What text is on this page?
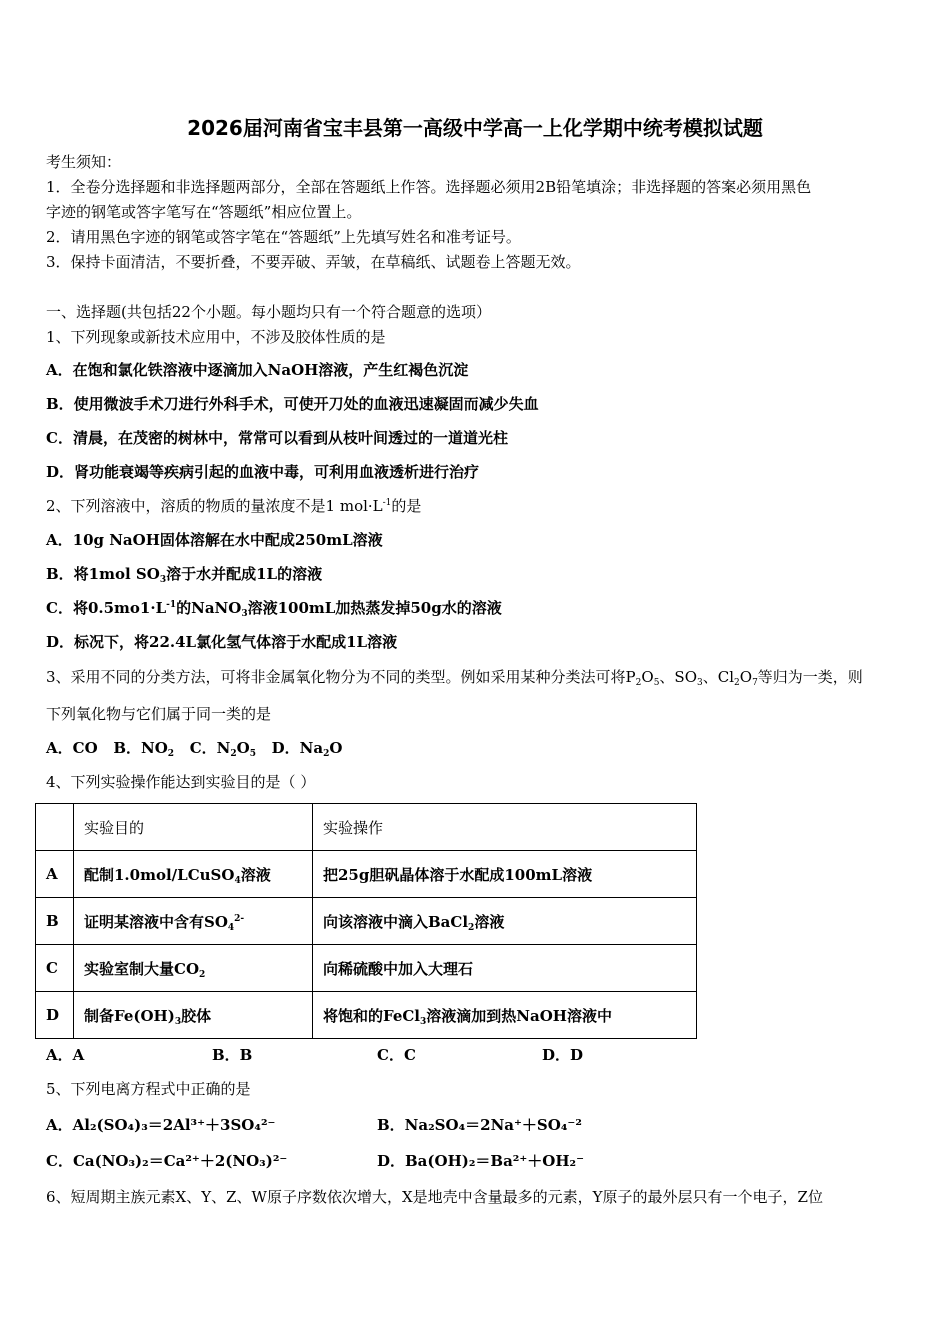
2026届河南省宝丰县第一高级中学高一上化学期中统考模拟试题
考生须知：
1．全卷分选择题和非选择题两部分，全部在答题纸上作答。选择题必须用2B铅笔填涂；非选择题的答案必须用黑色
字迹的钢笔或答字笔写在“答题纸”相应位置上。
2．请用黑色字迹的钢笔或答字笔在“答题纸”上先填写姓名和准考证号。
3．保持卡面清洁，不要折叠，不要弄破、弄皱，在草稿纸、试题卷上答题无效。
一、选择题(共包括22个小题。每小题均只有一个符合题意的选项）
1、下列现象或新技术应用中，不涉及胶体性质的是
A．在饱和氯化铁溶液中逐滴加入NaOH溶液，产生红褐色沉淀
B．使用微波手术刀进行外科手术，可使开刀处的血液迅速凝固而减少失血
C．清晨，在茂密的树林中，常常可以看到从枝叶间透过的一道道光柱
D．肾功能衰竭等疾病引起的血液中毒，可利用血液透析进行治疗
2、下列溶液中，溶质的物质的量浓度不是1 $mol\cdot L^{-1}$的是
A．10g NaOH固体溶解在水中配成250mL溶液
B．将1mol $SO_3$溶于水并配成1L的溶液
C．将$0.5mo1\cdot L^{-1}$的NaNO$_3$溶液100mL加热蒸发掉50g水的溶液
D．标况下，将22.4L氯化氢气体溶于水配成1L溶液
3、采用不同的分类方法，可将非金属氧化物分为不同的类型。例如采用某种分类法可将$P_2O_5$、$SO_3$、$Cl_2O_7$等归为一类，则
下列氧化物与它们属于同一类的是
A．CO B．$NO_2$ C．$N_2O_5$ D．$Na_2O$
4、下列实验操作能达到实验目的是（ ）
	实验目的	实验操作
A	配制1.0mol/LCuSO$_4$溶液	把25g胆矾晶体溶于水配成100mL溶液
B	证明某溶液中含有$SO_4^{2-}$	向该溶液中滴入BaCl$_2$溶液
C	实验室制大量$CO_2$	向稀硫酸中加入大理石
D	制备$Fe(OH)_3$胶体	将饱和的FeCl$_3$溶液滴加到热NaOH溶液中
A．A	B．B	C．C	D．D
5、下列电离方程式中正确的是
A．Al₂(SO₄)₃＝2Al³⁺＋3SO₄²⁻	B．Na₂SO₄＝2Na⁺＋SO₄⁻²
C．Ca(NO₃)₂＝Ca²⁺＋2(NO₃)²⁻	D．Ba(OH)₂＝Ba²⁺＋OH₂⁻
6、短周期主族元素X、Y、Z、W原子序数依次增大，X是地壳中含量最多的元素，Y原子的最外层只有一个电子，Z位
